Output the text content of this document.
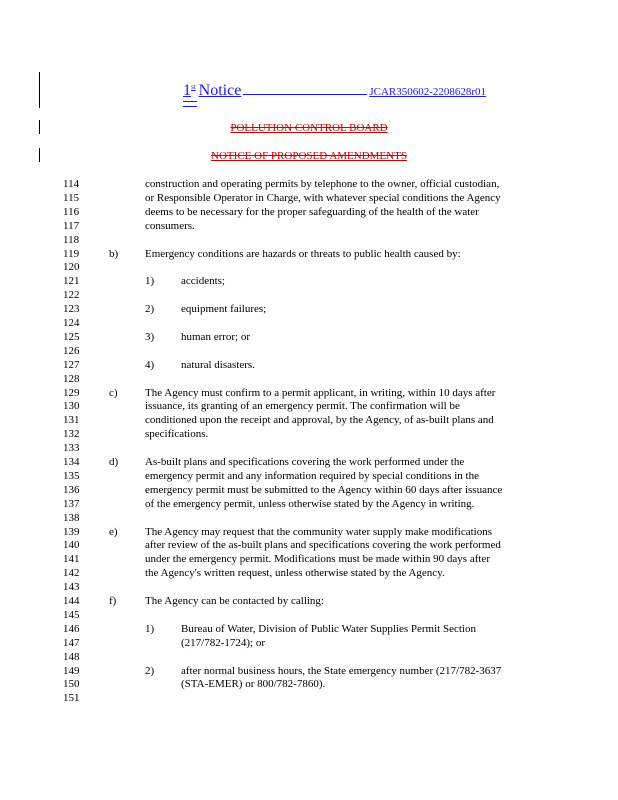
1st Notice	JCAR350602-2208628r01
POLLUTION CONTROL BOARD
NOTICE OF PROPOSED AMENDMENTS
114	construction and operating permits by telephone to the owner, official custodian,
115	or Responsible Operator in Charge, with whatever special conditions the Agency
116	deems to be necessary for the proper safeguarding of the health of the water
117	consumers.
118
119	b) Emergency conditions are hazards or threats to public health caused by:
120
121	1) accidents;
122
123	2) equipment failures;
124
125	3) human error; or
126
127	4) natural disasters.
128
129	c) The Agency must confirm to a permit applicant, in writing, within 10 days after
130	issuance, its granting of an emergency permit. The confirmation will be
131	conditioned upon the receipt and approval, by the Agency, of as-built plans and
132	specifications.
133
134	d) As-built plans and specifications covering the work performed under the
135	emergency permit and any information required by special conditions in the
136	emergency permit must be submitted to the Agency within 60 days after issuance
137	of the emergency permit, unless otherwise stated by the Agency in writing.
138
139	e) The Agency may request that the community water supply make modifications
140	after review of the as-built plans and specifications covering the work performed
141	under the emergency permit. Modifications must be made within 90 days after
142	the Agency's written request, unless otherwise stated by the Agency.
143
144	f)	The Agency can be contacted by calling:
145
146	1) Bureau of Water, Division of Public Water Supplies Permit Section
147	(217/782-1724); or
148
149	2) after normal business hours, the State emergency number (217/782-3637
150	(STA-EMER) or 800/782-7860).
151
